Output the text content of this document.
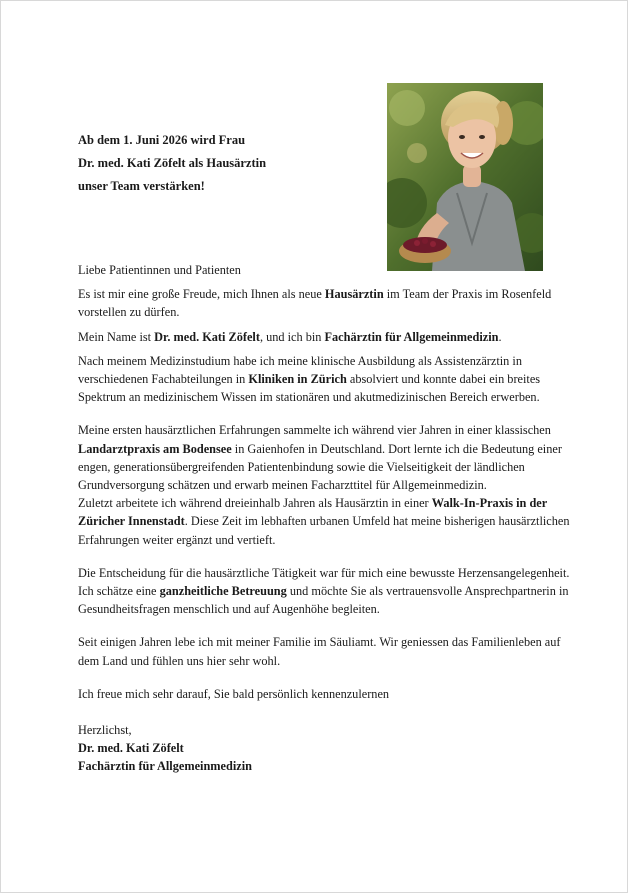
Ab dem 1. Juni 2026 wird Frau
Dr. med. Kati Zöfelt als Hausärztin
unser Team verstärken!

Liebe Patientinnen und Patienten

Es ist mir eine große Freude, mich Ihnen als neue Hausärztin im Team der Praxis im Rosenfeld vorstellen zu dürfen.

Mein Name ist Dr. med. Kati Zöfelt, und ich bin Fachärztin für Allgemeinmedizin.

Nach meinem Medizinstudium habe ich meine klinische Ausbildung als Assistenzärztin in verschiedenen Fachabteilungen in Kliniken in Zürich absolviert und konnte dabei ein breites Spektrum an medizinischem Wissen im stationären und akutmedizinischen Bereich erwerben.

Meine ersten hausärztlichen Erfahrungen sammelte ich während vier Jahren in einer klassischen Landarztpraxis am Bodensee in Gaienhofen in Deutschland. Dort lernte ich die Bedeutung einer engen, generationsübergreifenden Patientenbindung sowie die Vielseitigkeit der ländlichen Grundversorgung schätzen und erwarb meinen Facharzttitel für Allgemeinmedizin.

Zuletzt arbeitete ich während dreieinhalb Jahren als Hausärztin in einer Walk-In-Praxis in der Züricher Innenstadt. Diese Zeit im lebhaften urbanen Umfeld hat meine bisherigen hausärztlichen Erfahrungen weiter ergänzt und vertieft.

Die Entscheidung für die hausärztliche Tätigkeit war für mich eine bewusste Herzensangelegenheit. Ich schätze eine ganzheitliche Betreuung und möchte Sie als vertrauensvolle Ansprechpartnerin in Gesundheitsfragen menschlich und auf Augenhöhe begleiten.

Seit einigen Jahren lebe ich mit meiner Familie im Säuliamt. Wir geniessen das Familienleben auf dem Land und fühlen uns hier sehr wohl.

Ich freue mich sehr darauf, Sie bald persönlich kennenzulernen

Herzlichst,

Dr. med. Kati Zöfelt

Fachärztin für Allgemeinmedizin
